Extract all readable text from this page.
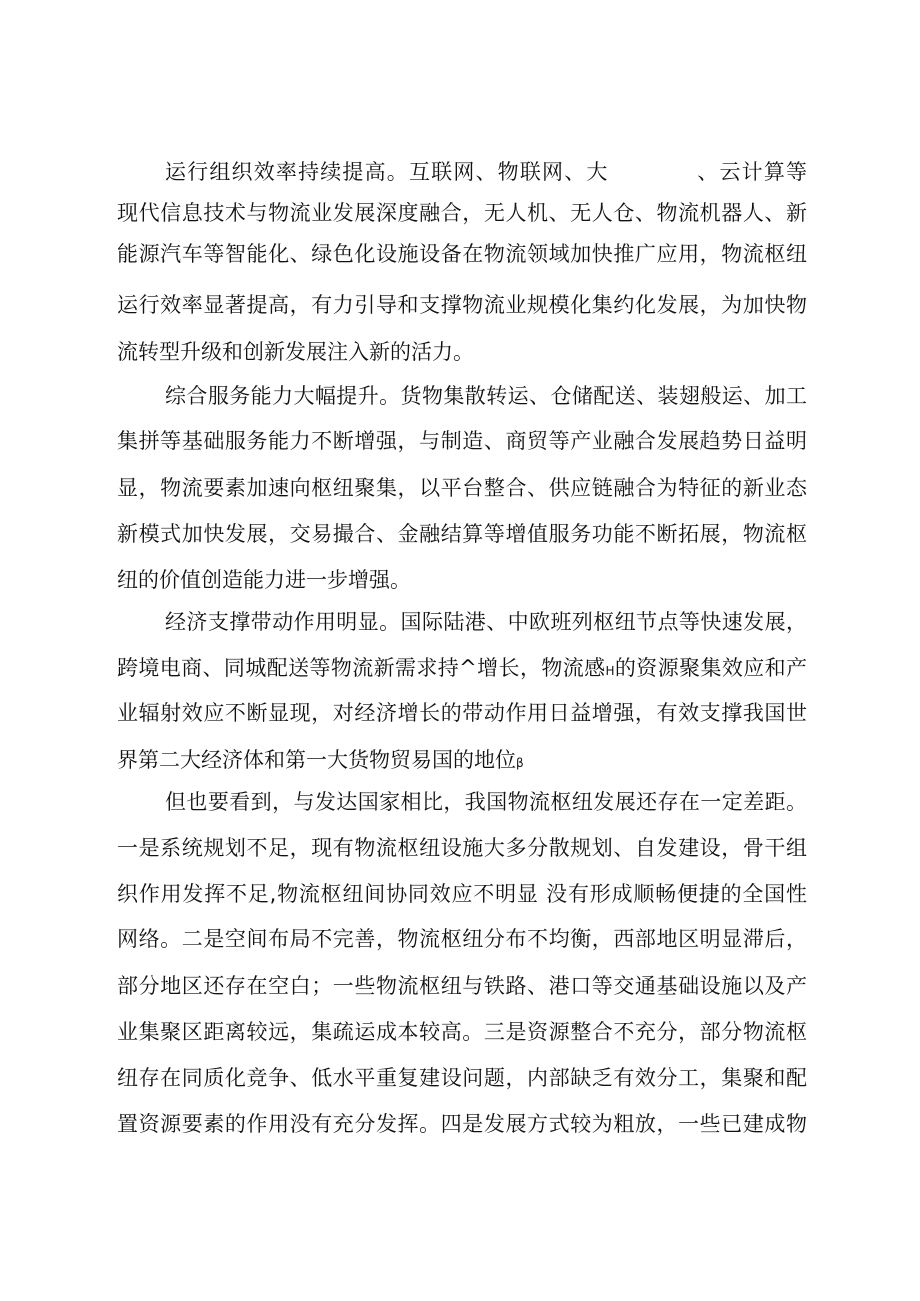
运行组织效率持续提高。互联网、物联网、大　　　　、云计算等

现代信息技术与物流业发展深度融合，无人机、无人仓、物流机器人、新

能源汽车等智能化、绿色化设施设备在物流领域加快推广应用，物流枢纽

运行效率显著提高，有力引导和支撑物流业规模化集约化发展，为加快物

流转型升级和创新发展注入新的活力。

综合服务能力大幅提升。货物集散转运、仓储配送、装翅般运、加工

集拼等基础服务能力不断增强，与制造、商贸等产业融合发展趋势日益明

显，物流要素加速向枢纽聚集，以平台整合、供应链融合为特征的新业态

新模式加快发展，交易撮合、金融结算等增值服务功能不断拓展，物流枢

纽的价值创造能力进一步增强。

经济支撑带动作用明显。国际陆港、中欧班列枢纽节点等快速发展，

跨境电商、同城配送等物流新需求持^增长，物流感H的资源聚集效应和产

业辐射效应不断显现，对经济增长的带动作用日益增强，有效支撑我国世

界第二大经济体和第一大货物贸易国的地位β

但也要看到，与发达国家相比，我国物流枢纽发展还存在一定差距。

一是系统规划不足，现有物流枢纽设施大多分散规划、自发建设，骨干组

织作用发挥不足,物流枢纽间协同效应不明显 没有形成顺畅便捷的全国性

网络。二是空间布局不完善，物流枢纽分布不均衡，西部地区明显滞后，

部分地区还存在空白；一些物流枢纽与铁路、港口等交通基础设施以及产

业集聚区距离较远，集疏运成本较高。三是资源整合不充分，部分物流枢

纽存在同质化竞争、低水平重复建设问题，内部缺乏有效分工，集聚和配

置资源要素的作用没有充分发挥。四是发展方式较为粗放，一些已建成物
